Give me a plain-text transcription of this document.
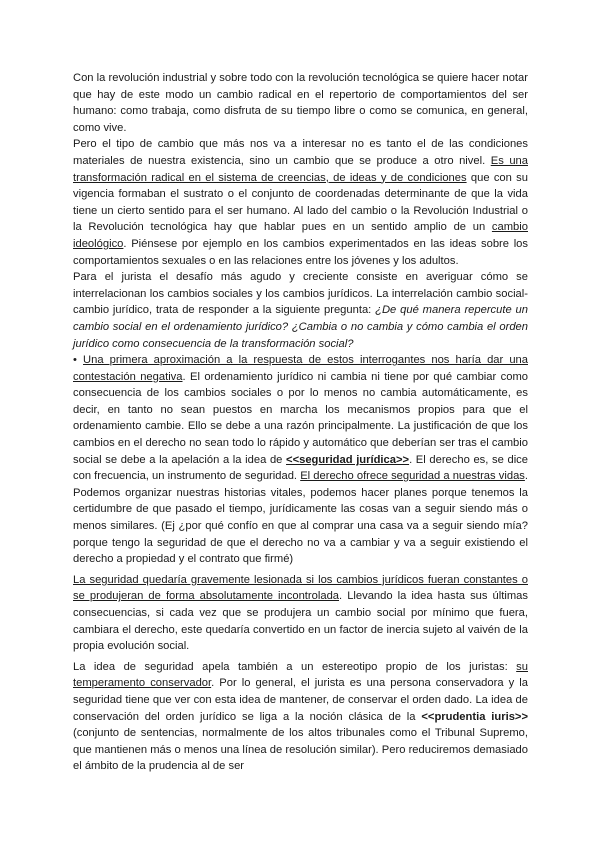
Con la revolución industrial y sobre todo con la revolución tecnológica se quiere hacer notar que hay de este modo un cambio radical en el repertorio de comportamientos del ser humano: como trabaja, como disfruta de su tiempo libre o como se comunica, en general, como vive.

Pero el tipo de cambio que más nos va a interesar no es tanto el de las condiciones materiales de nuestra existencia, sino un cambio que se produce a otro nivel. Es una transformación radical en el sistema de creencias, de ideas y de condiciones que con su vigencia formaban el sustrato o el conjunto de coordenadas determinante de que la vida tiene un cierto sentido para el ser humano. Al lado del cambio o la Revolución Industrial o la Revolución tecnológica hay que hablar pues en un sentido amplio de un cambio ideológico. Piénsese por ejemplo en los cambios experimentados en las ideas sobre los comportamientos sexuales o en las relaciones entre los jóvenes y los adultos.

Para el jurista el desafío más agudo y creciente consiste en averiguar cómo se interrelacionan los cambios sociales y los cambios jurídicos. La interrelación cambio social-cambio jurídico, trata de responder a la siguiente pregunta: ¿De qué manera repercute un cambio social en el ordenamiento jurídico? ¿Cambia o no cambia y cómo cambia el orden jurídico como consecuencia de la transformación social?

• Una primera aproximación a la respuesta de estos interrogantes nos haría dar una contestación negativa. El ordenamiento jurídico ni cambia ni tiene por qué cambiar como consecuencia de los cambios sociales o por lo menos no cambia automáticamente, es decir, en tanto no sean puestos en marcha los mecanismos propios para que el ordenamiento cambie. Ello se debe a una razón principalmente. La justificación de que los cambios en el derecho no sean todo lo rápido y automático que deberían ser tras el cambio social se debe a la apelación a la idea de <<seguridad jurídica>>. El derecho es, se dice con frecuencia, un instrumento de seguridad. El derecho ofrece seguridad a nuestras vidas. Podemos organizar nuestras historias vitales, podemos hacer planes porque tenemos la certidumbre de que pasado el tiempo, jurídicamente las cosas van a seguir siendo más o menos similares. (Ej ¿por qué confío en que al comprar una casa va a seguir siendo mía? porque tengo la seguridad de que el derecho no va a cambiar y va a seguir existiendo el derecho a propiedad y el contrato que firmé)

La seguridad quedaría gravemente lesionada si los cambios jurídicos fueran constantes o se produjeran de forma absolutamente incontrolada. Llevando la idea hasta sus últimas consecuencias, si cada vez que se produjera un cambio social por mínimo que fuera, cambiara el derecho, este quedaría convertido en un factor de inercia sujeto al vaivén de la propia evolución social.

La idea de seguridad apela también a un estereotipo propio de los juristas: su temperamento conservador. Por lo general, el jurista es una persona conservadora y la seguridad tiene que ver con esta idea de mantener, de conservar el orden dado. La idea de conservación del orden jurídico se liga a la noción clásica de la <<prudentia iuris>> (conjunto de sentencias, normalmente de los altos tribunales como el Tribunal Supremo, que mantienen más o menos una línea de resolución similar). Pero reduciremos demasiado el ámbito de la prudencia al de ser
